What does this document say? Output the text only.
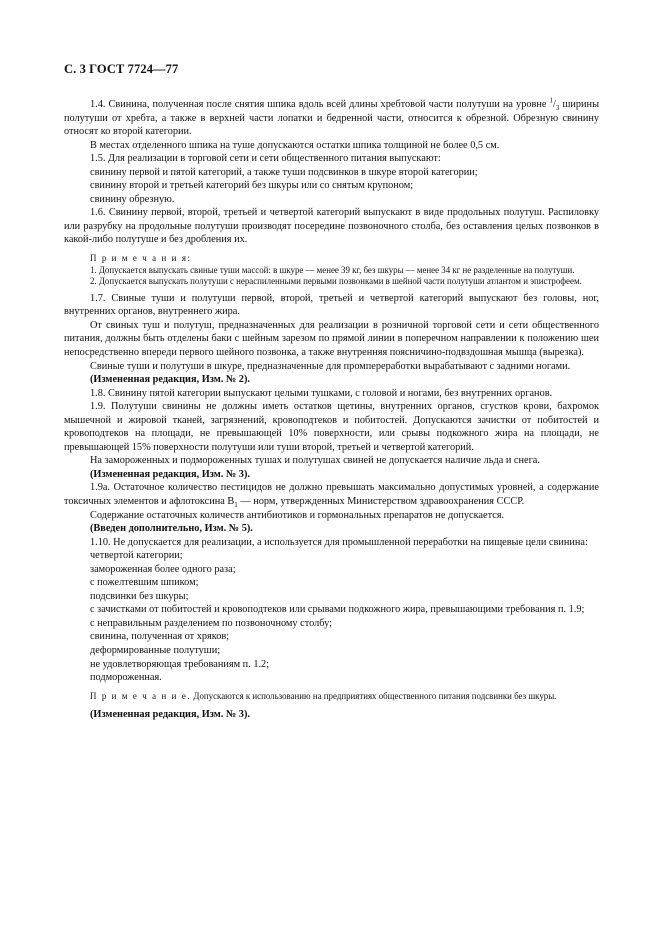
С. 3 ГОСТ 7724—77

1.4. Свинина, полученная после снятия шпика вдоль всей длины хребтовой части полутуши на уровне $^1/_3$ ширины полутуши от хребта, а также в верхней части лопатки и бедренной части, относится к обрезной. Обрезную свинину относят ко второй категории.

В местах отделенного шпика на туше допускаются остатки шпика толщиной не более 0,5 см.

1.5. Для реализации в торговой сети и сети общественного питания выпускают:

свинину первой и пятой категорий, а также туши подсвинков в шкуре второй категории;

свинину второй и третьей категорий без шкуры или со снятым крупоном;

свинину обрезную.

1.6. Свинину первой, второй, третьей и четвертой категорий выпускают в виде продольных полутуш. Распиловку или разрубку на продольные полутуши производят посередине позвоночного столба, без оставления целых позвонков в какой-либо полутуше и без дробления их.

П р и м е ч а н и я:

1. Допускается выпускать свиные туши массой: в шкуре — менее 39 кг, без шкуры — менее 34 кг не разделенные на полутуши.

2. Допускается выпускать полутуши с нераспиленными первыми позвонками в шейной части полутуши атлантом и эпистрофеем.

1.7. Свиные туши и полутуши первой, второй, третьей и четвертой категорий выпускают без головы, ног, внутренних органов, внутреннего жира.

От свиных туш и полутуш, предназначенных для реализации в розничной торговой сети и сети общественного питания, должны быть отделены баки с шейным зарезом по прямой линии в поперечном направлении к положению шеи непосредственно впереди первого шейного позвонка, а также внутренняя поясничино-подвздошная мышца (вырезка).

Свиные туши и полутуши в шкуре, предназначенные для промпереработки вырабатывают с задними ногами.

(Измененная редакция, Изм. № 2).

1.8. Свинину пятой категории выпускают целыми тушками, с головой и ногами, без внутренних органов.

1.9. Полутуши свинины не должны иметь остатков щетины, внутренних органов, сгустков крови, бахромок мышечной и жировой тканей, загрязнений, кровоподтеков и побитостей. Допускаются зачистки от побитостей и кровоподтеков на площади, не превышающей 10% поверхности, или срывы подкожного жира на площади, не превышающей 15% поверхности полутуши или туши второй, третьей и четвертой категорий.

На замороженных и подмороженных тушах и полутушах свиней не допускается наличие льда и снега.

(Измененная редакция, Изм. № 3).

1.9а. Остаточное количество пестицидов не должно превышать максимально допустимых уровней, а содержание токсичных элементов и афлотоксина $В_1$ — норм, утвержденных Министерством здравоохранения СССР.

Содержание остаточных количеств антибиотиков и гормональных препаратов не допускается.

(Введен дополнительно, Изм. № 5).

1.10. Не допускается для реализации, а используется для промышленной переработки на пищевые цели свинина:

четвертой категории;

замороженная более одного раза;

с пожелтевшим шпиком;

подсвинки без шкуры;

с зачистками от побитостей и кровоподтеков или срывами подкожного жира, превышающими требования п. 1.9;

с неправильным разделением по позвоночному столбу;

свинина, полученная от хряков;

деформированные полутуши;

не удовлетворяющая требованиям п. 1.2;

подмороженная.

П р и м е ч а н и е. Допускаются к использованию на предприятиях общественного питания подсвинки без шкуры.

(Измененная редакция, Изм. № 3).
